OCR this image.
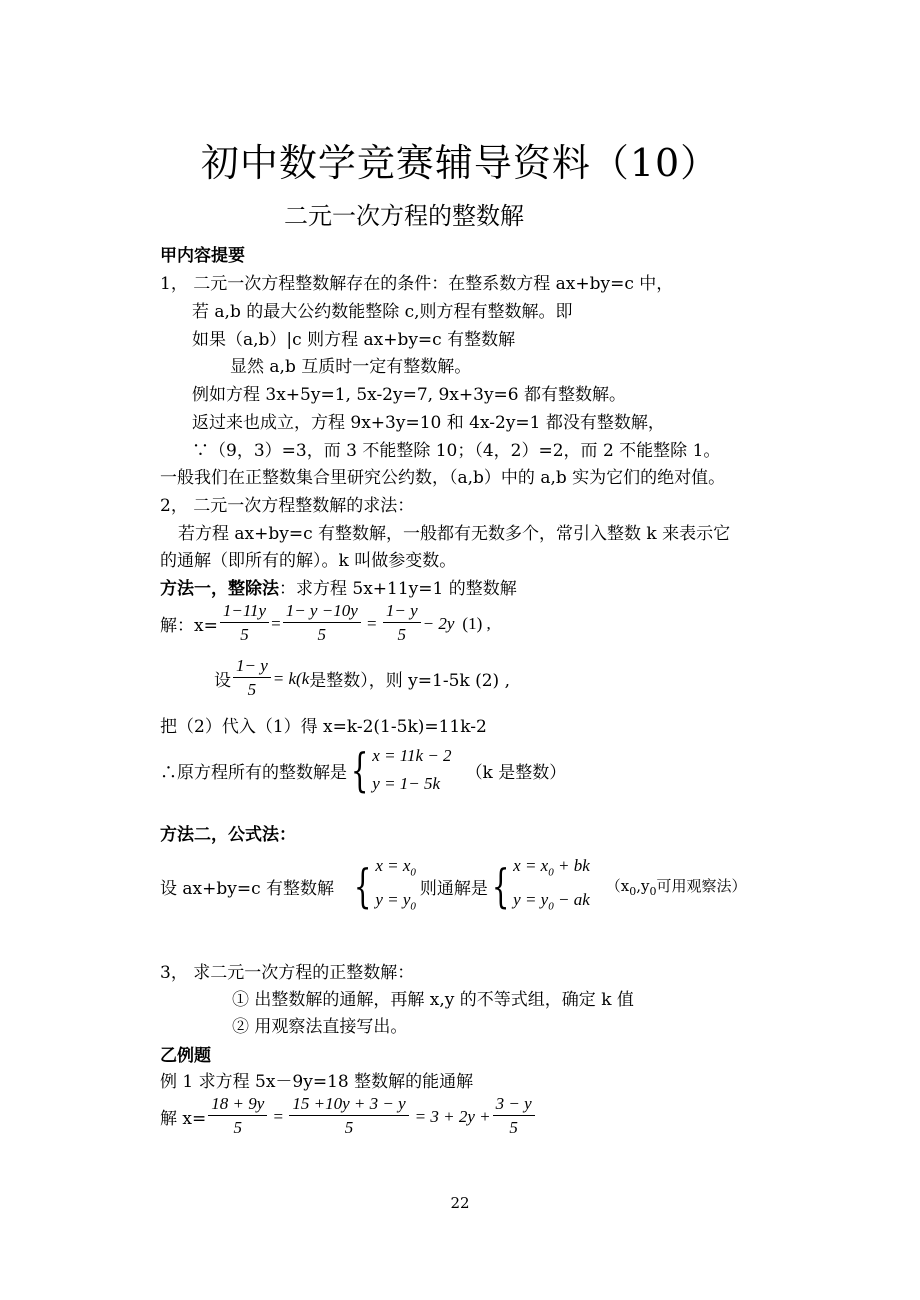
初中数学竞赛辅导资料（10）
二元一次方程的整数解
甲内容提要
1， 二元一次方程整数解存在的条件：在整系数方程 ax+by=c 中，
若 a,b 的最大公约数能整除 c,则方程有整数解。即
如果（a,b）|c 则方程 ax+by=c 有整数解
显然 a,b 互质时一定有整数解。
例如方程 3x+5y=1, 5x-2y=7, 9x+3y=6 都有整数解。
返过来也成立，方程 9x+3y=10 和 4x-2y=1 都没有整数解，
∵（9，3）=3，而 3 不能整除 10；（4，2）=2，而 2 不能整除 1。
一般我们在正整数集合里研究公约数，（a,b）中的 a,b 实为它们的绝对值。
2， 二元一次方程整数解的求法：
若方程 ax+by=c 有整数解，一般都有无数多个，常引入整数 k 来表示它
的通解（即所有的解）。k 叫做参变数。
方法一，整除法：求方程 5x+11y=1 的整数解
解：$x= \frac{1-11y}{5} = \frac{1- y -10y}{5} = \frac{1- y}{5} - 2y$ (1) ,
设 $\frac{1- y}{5} = k$( k 是整数），则 y=1-5k (2) ,
把（2）代入（1）得 x=k-2(1-5k)=11k-2
∴原方程所有的整数解是 { x = 11k − 2
y = 1− 5k
（k 是整数）
方法二，公式法：
设 ax+by=c 有整数解 { $x = x_0$
$y = y_0$
则通解是 { $x = x_0$ + bk
$y = y_0$ − ak
（$x_0,y_0$可用观察法）
3， 求二元一次方程的正整数解：
① 出整数解的通解，再解 x,y 的不等式组，确定 k 值
② 用观察法直接写出。
乙例题
例 1 求方程 5x－9y=18 整数解的能通解
解 $x= \frac{18 + 9y}{5} = \frac{15 +10y + 3 - y}{5} = 3 + 2y + \frac{3 - y}{5}$
22
